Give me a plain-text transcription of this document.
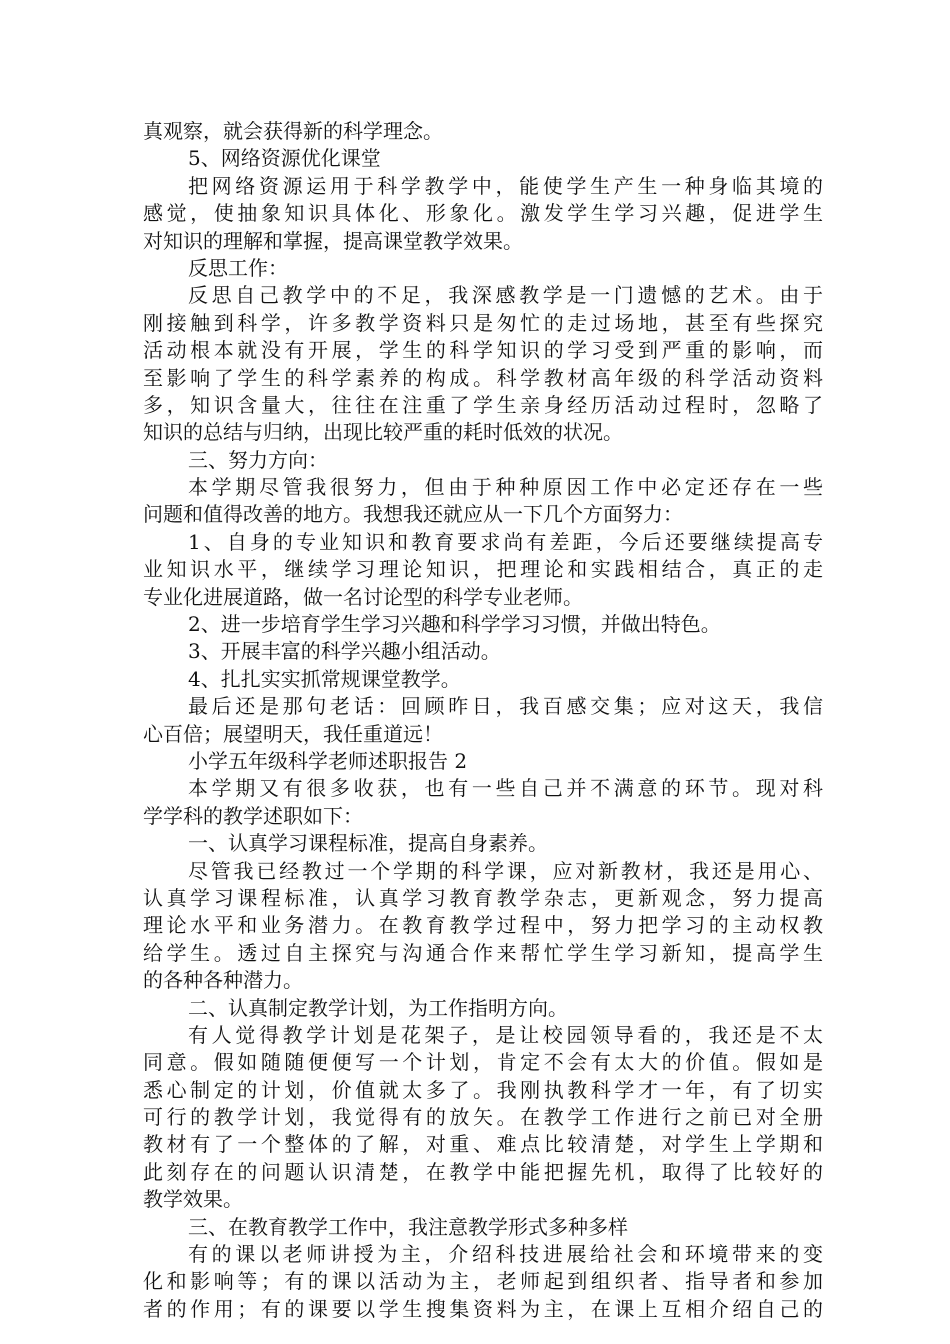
真观察，就会获得新的科学理念。
5、网络资源优化课堂
把网络资源运用于科学教学中，能使学生产生一种身临其境的
感觉，使抽象知识具体化、形象化。激发学生学习兴趣，促进学生
对知识的理解和掌握，提高课堂教学效果。
反思工作：
反思自己教学中的不足，我深感教学是一门遗憾的艺术。由于
刚接触到科学，许多教学资料只是匆忙的走过场地，甚至有些探究
活动根本就没有开展，学生的科学知识的学习受到严重的影响，而
至影响了学生的科学素养的构成。科学教材高年级的科学活动资料
多，知识含量大，往往在注重了学生亲身经历活动过程时，忽略了
知识的总结与归纳，出现比较严重的耗时低效的状况。
三、努力方向：
本学期尽管我很努力，但由于种种原因工作中必定还存在一些
问题和值得改善的地方。我想我还就应从一下几个方面努力：
1、自身的专业知识和教育要求尚有差距，今后还要继续提高专
业知识水平，继续学习理论知识，把理论和实践相结合，真正的走
专业化进展道路，做一名讨论型的科学专业老师。
2、进一步培育学生学习兴趣和科学学习习惯，并做出特色。
3、开展丰富的科学兴趣小组活动。
4、扎扎实实抓常规课堂教学。
最后还是那句老话：回顾昨日，我百感交集；应对这天，我信
心百倍；展望明天，我任重道远！
小学五年级科学老师述职报告 2
本学期又有很多收获，也有一些自己并不满意的环节。现对科
学学科的教学述职如下：
一、认真学习课程标准，提高自身素养。
尽管我已经教过一个学期的科学课，应对新教材，我还是用心、
认真学习课程标准，认真学习教育教学杂志，更新观念，努力提高
理论水平和业务潜力。在教育教学过程中，努力把学习的主动权教
给学生。透过自主探究与沟通合作来帮忙学生学习新知，提高学生
的各种各种潜力。
二、认真制定教学计划，为工作指明方向。
有人觉得教学计划是花架子，是让校园领导看的，我还是不太
同意。假如随随便便写一个计划，肯定不会有太大的价值。假如是
悉心制定的计划，价值就太多了。我刚执教科学才一年，有了切实
可行的教学计划，我觉得有的放矢。在教学工作进行之前已对全册
教材有了一个整体的了解，对重、难点比较清楚，对学生上学期和
此刻存在的问题认识清楚，在教学中能把握先机，取得了比较好的
教学效果。
三、在教育教学工作中，我注意教学形式多种多样
有的课以老师讲授为主，介绍科技进展给社会和环境带来的变
化和影响等；有的课以活动为主，老师起到组织者、指导者和参加
者的作用；有的课要以学生搜集资料为主，在课上互相介绍自己的
